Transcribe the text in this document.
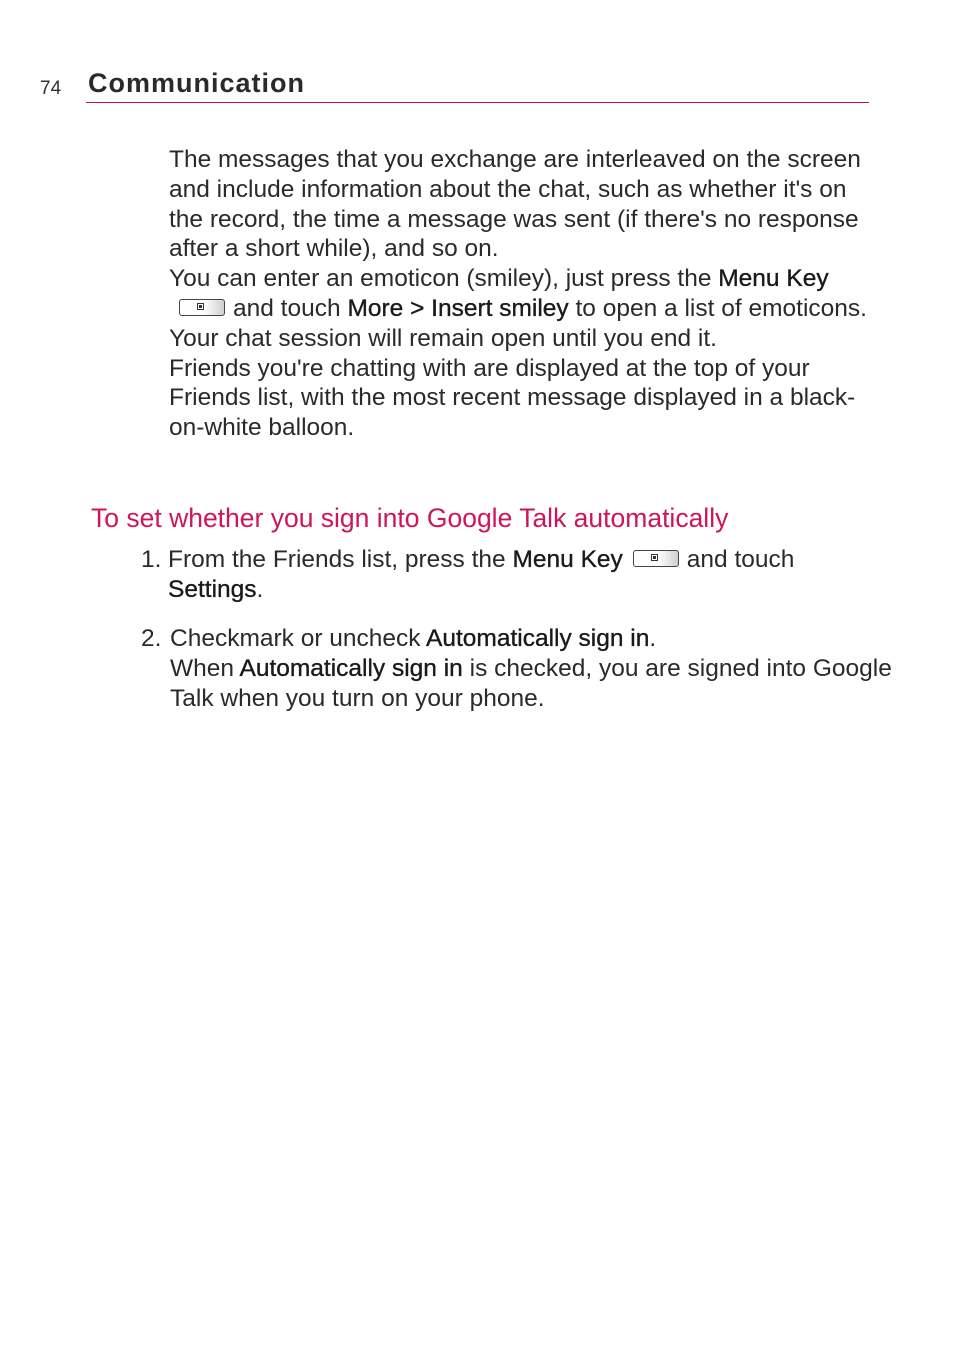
74 Communication

The messages that you exchange are interleaved on the screen and include information about the chat, such as whether it's on the record, the time a message was sent (if there's no response after a short while), and so on.

You can enter an emoticon (smiley), just press the Menu Keyand touch More > Insert smiley to open a list of emoticons.

Your chat session will remain open until you end it.

Friends you're chatting with are displayed at the top of your Friends list, with the most recent message displayed in a black-on-white balloon.

To set whether you sign into Google Talk automatically
1. From the Friends list, press the Menu Key	and touch
Settings.
2. Checkmark or uncheck Automatically sign in.
When Automatically sign in is checked, you are signed into Google Talk when you turn on your phone.
